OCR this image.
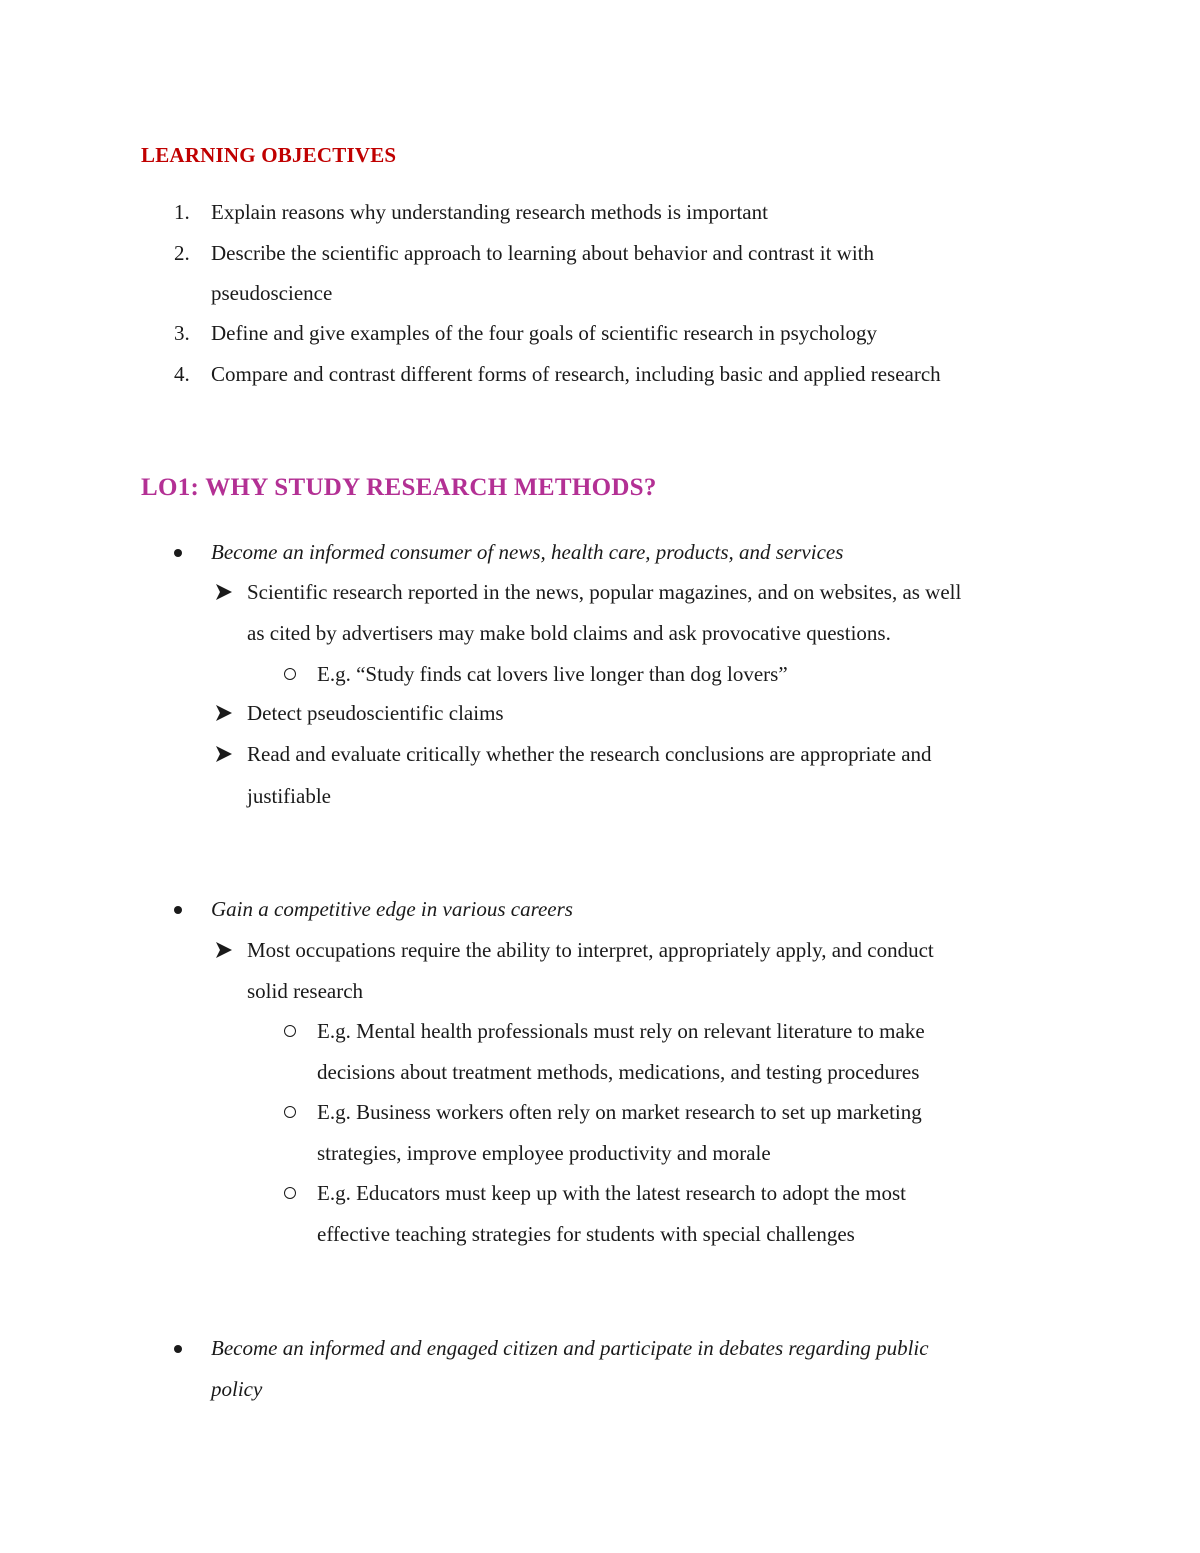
LEARNING OBJECTIVES
1.	Explain reasons why understanding research methods is important
2.	Describe the scientific approach to learning about behavior and contrast it with
pseudoscience
3.	Define and give examples of the four goals of scientific research in psychology
4.	Compare and contrast different forms of research, including basic and applied research
LO1: WHY STUDY RESEARCH METHODS?
Become an informed consumer of news, health care, products, and services
Scientific research reported in the news, popular magazines, and on websites, as well
as cited by advertisers may make bold claims and ask provocative questions.
E.g. “Study finds cat lovers live longer than dog lovers”
Detect pseudoscientific claims
Read and evaluate critically whether the research conclusions are appropriate and
justifiable
Gain a competitive edge in various careers
Most occupations require the ability to interpret, appropriately apply, and conduct
solid research
E.g. Mental health professionals must rely on relevant literature to make
decisions about treatment methods, medications, and testing procedures
E.g. Business workers often rely on market research to set up marketing
strategies, improve employee productivity and morale
E.g. Educators must keep up with the latest research to adopt the most
effective teaching strategies for students with special challenges
Become an informed and engaged citizen and participate in debates regarding public
policy
